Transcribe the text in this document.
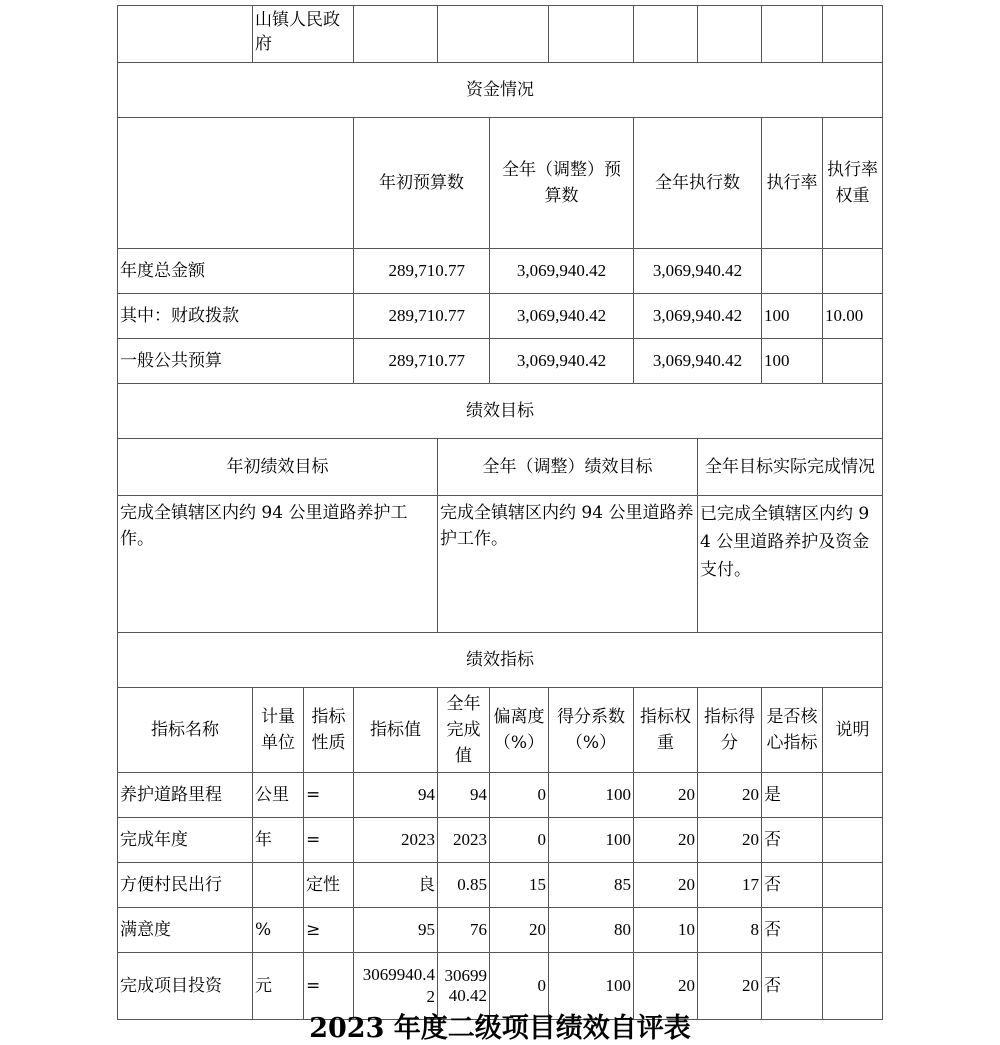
	山镇人民政府										
资金情况											
			年初预算数		全年（调整）预算数		全年执行数		执行率	执行率权重	
年度总金额			289,710.77		3,069,940.42		3,069,940.42				
其中：财政拨款			289,710.77		3,069,940.42		3,069,940.42		100	10.00	
一般公共预算			289,710.77		3,069,940.42		3,069,940.42		100		
绩效目标											
年初绩效目标				全年（调整）绩效目标				全年目标实际完成情况			
完成全镇辖区内约 94 公里道路养护工作。				完成全镇辖区内约 94 公里道路养护工作。				已完成全镇辖区内约 94 公里道路养护及资金支付。			
绩效指标											
指标名称	计量单位	指标性质	指标值	全年完成值	偏离度（%）	得分系数（%）	指标权重	指标得分	是否核心指标	说明	
养护道路里程	公里	=	94	94	0	100	20	20	是		
完成年度	年	=	2023	2023	0	100	20	20	否		
方便村民出行		定性	良	0.85	15	85	20	17	否		
满意度	%	≥	95	76	20	80	10	8	否		
完成项目投资	元	=	3069940.42	3069940.42	0	100	20	20	否		
2023 年度二级项目绩效自评表
